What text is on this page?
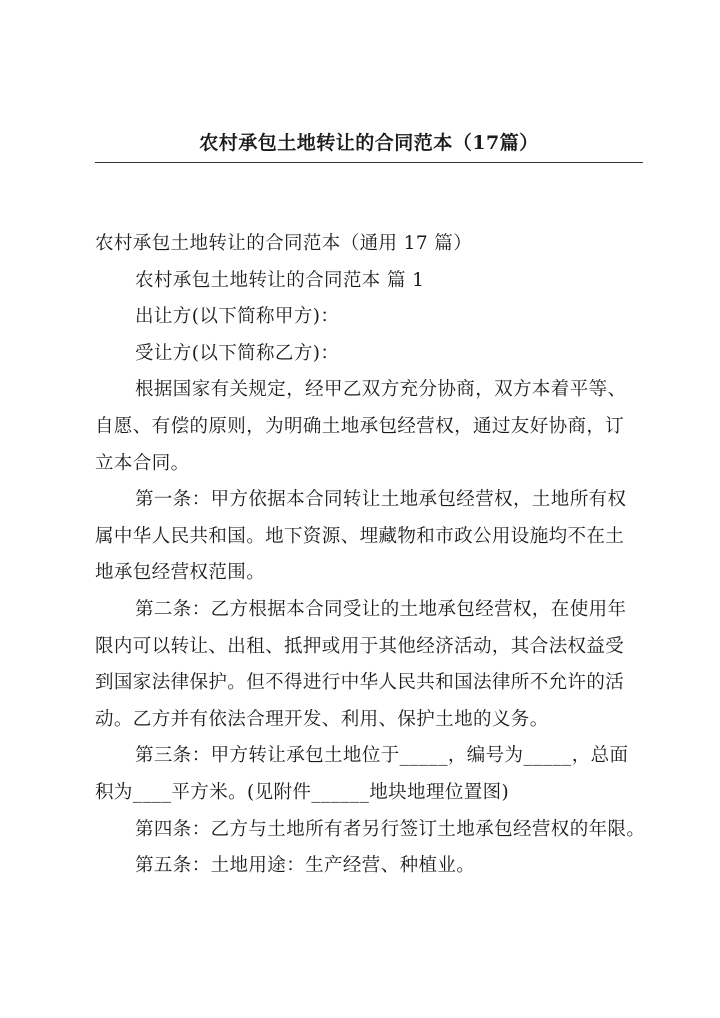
农村承包土地转让的合同范本（17篇）

农村承包土地转让的合同范本（通用 17 篇）

农村承包土地转让的合同范本 篇 1

出让方(以下简称甲方)：

受让方(以下简称乙方)：

根据国家有关规定，经甲乙双方充分协商，双方本着平等、

自愿、有偿的原则，为明确土地承包经营权，通过友好协商，订

立本合同。

第一条：甲方依据本合同转让土地承包经营权，土地所有权

属中华人民共和国。地下资源、埋藏物和市政公用设施均不在土

地承包经营权范围。

第二条：乙方根据本合同受让的土地承包经营权，在使用年

限内可以转让、出租、抵押或用于其他经济活动，其合法权益受

到国家法律保护。但不得进行中华人民共和国法律所不允许的活

动。乙方并有依法合理开发、利用、保护土地的义务。

第三条：甲方转让承包土地位于_____，编号为_____，总面

积为____平方米。(见附件______地块地理位置图)

第四条：乙方与土地所有者另行签订土地承包经营权的年限。

第五条：土地用途：生产经营、种植业。
